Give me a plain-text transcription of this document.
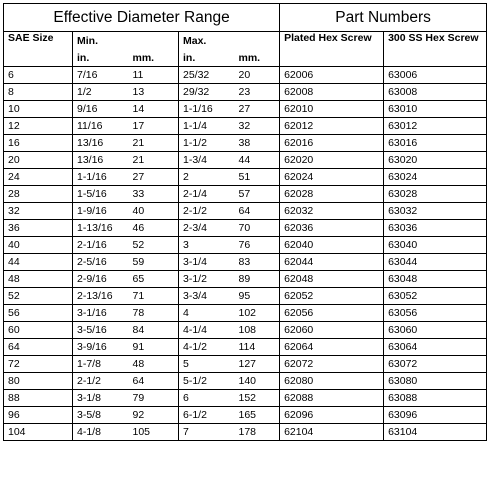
Effective Diameter Range					Part Numbers	
SAE Size	Min.		Max.		Plated Hex Screw	300 SS Hex Screw
	in.	mm.	in.	mm.		
6	7/16	11	25/32	20	62006	63006
8	1/2	13	29/32	23	62008	63008
10	9/16	14	1-1/16	27	62010	63010
12	11/16	17	1-1/4	32	62012	63012
16	13/16	21	1-1/2	38	62016	63016
20	13/16	21	1-3/4	44	62020	63020
24	1-1/16	27	2	51	62024	63024
28	1-5/16	33	2-1/4	57	62028	63028
32	1-9/16	40	2-1/2	64	62032	63032
36	1-13/16	46	2-3/4	70	62036	63036
40	2-1/16	52	3	76	62040	63040
44	2-5/16	59	3-1/4	83	62044	63044
48	2-9/16	65	3-1/2	89	62048	63048
52	2-13/16	71	3-3/4	95	62052	63052
56	3-1/16	78	4	102	62056	63056
60	3-5/16	84	4-1/4	108	62060	63060
64	3-9/16	91	4-1/2	114	62064	63064
72	1-7/8	48	5	127	62072	63072
80	2-1/2	64	5-1/2	140	62080	63080
88	3-1/8	79	6	152	62088	63088
96	3-5/8	92	6-1/2	165	62096	63096
104	4-1/8	105	7	178	62104	63104
